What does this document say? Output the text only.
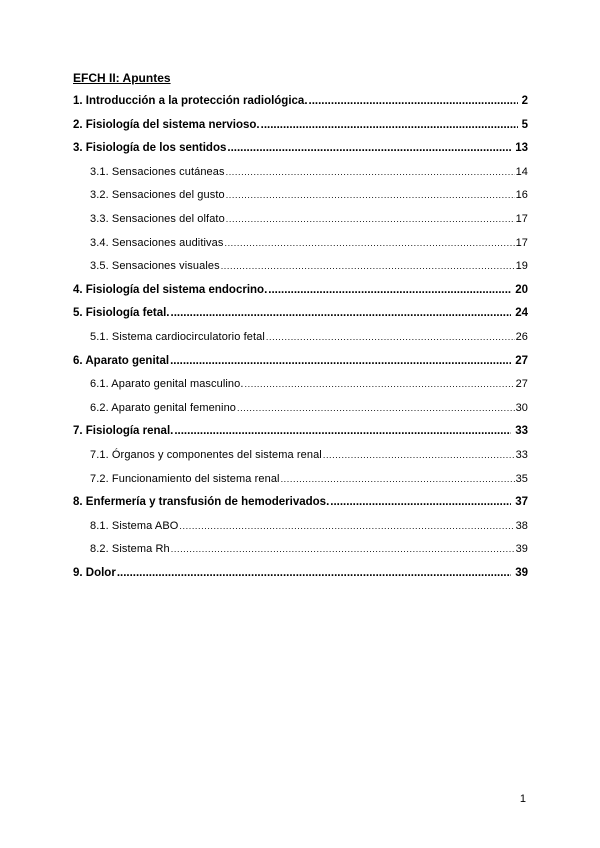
EFCH II: Apuntes
1. Introducción a la protección radiológica. .....	2
2. Fisiología del sistema nervioso. .....	5
3. Fisiología de los sentidos .....	13
3.1. Sensaciones cutáneas .....	14
3.2. Sensaciones del gusto .....	16
3.3. Sensaciones del olfato .....	17
3.4. Sensaciones auditivas .....	17
3.5. Sensaciones visuales .....	19
4. Fisiología del sistema endocrino. .....	20
5. Fisiología fetal. .....	24
5.1. Sistema cardiocirculatorio fetal .....	26
6. Aparato genital .....	27
6.1. Aparato genital masculino. .....	27
6.2. Aparato genital femenino .....	30
7. Fisiología renal. .....	33
7.1. Órganos y componentes del sistema renal .....	33
7.2. Funcionamiento del sistema renal .....	35
8. Enfermería y transfusión de hemoderivados. .....	37
8.1. Sistema ABO .....	38
8.2. Sistema Rh .....	39
9. Dolor .....	39
1
